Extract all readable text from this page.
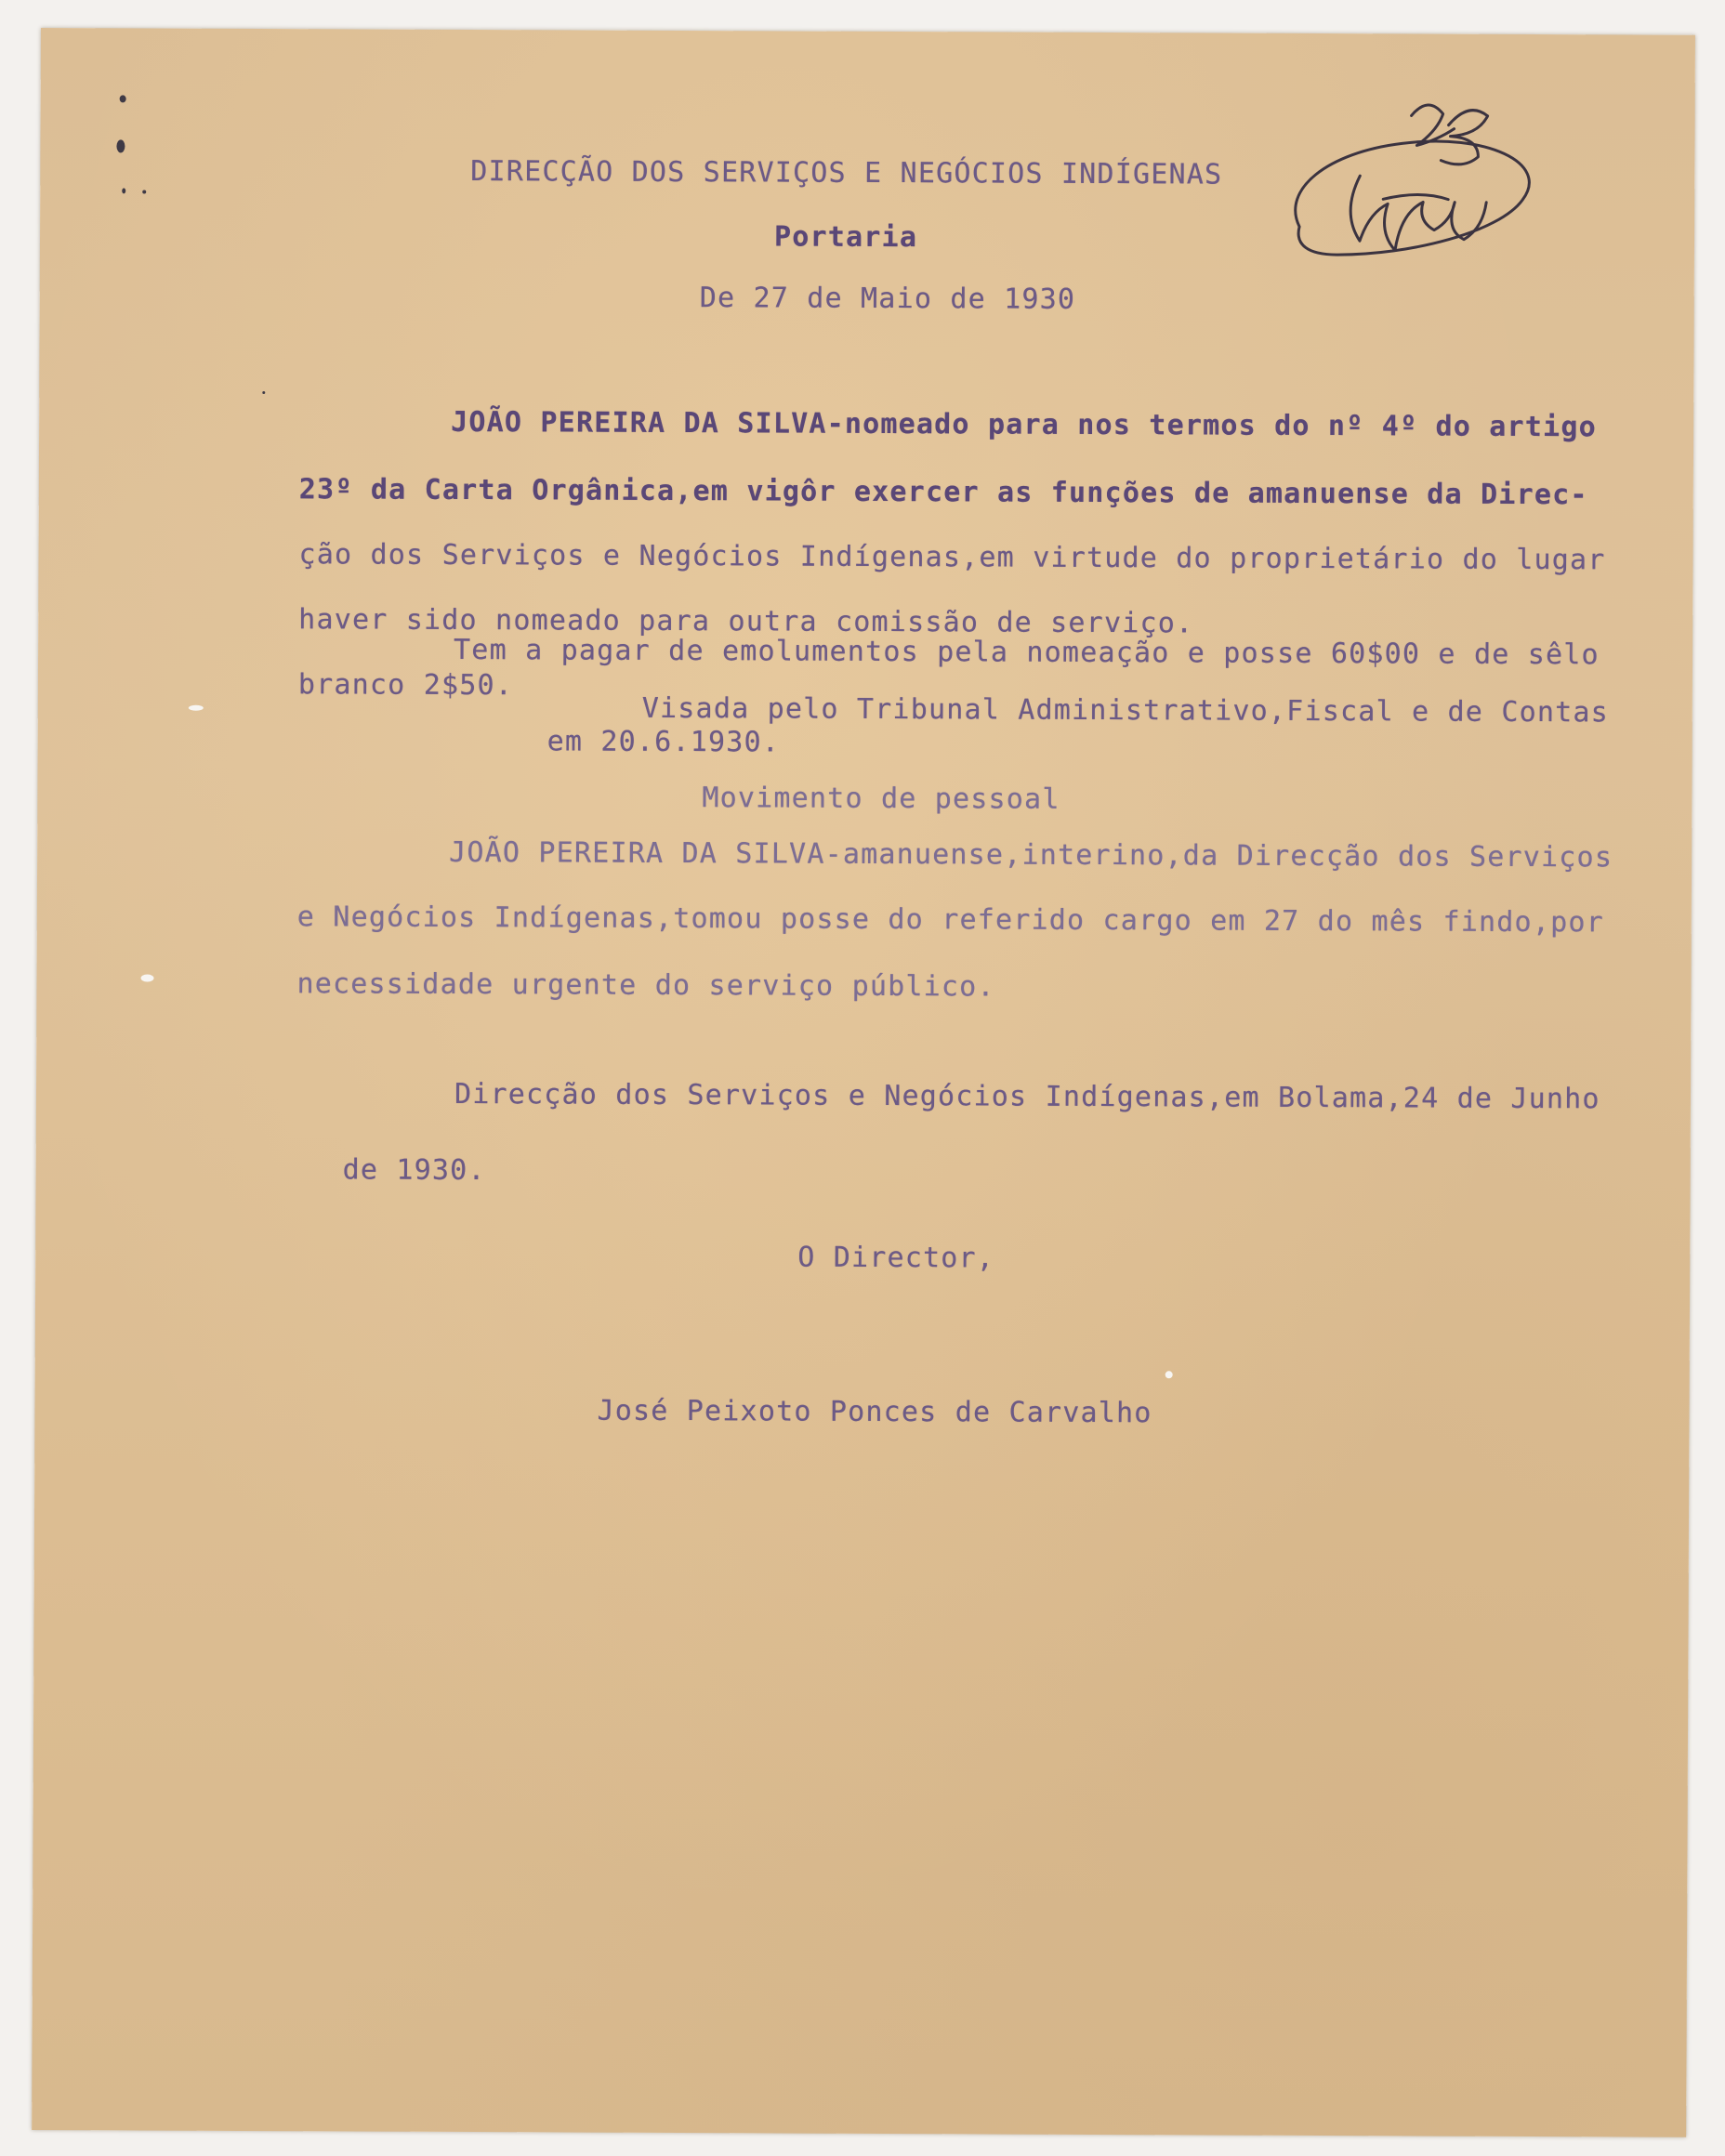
DIRECÇÃO DOS SERVIÇOS E NEGÓCIOS INDÍGENAS
Portaria
De 27 de Maio de 1930
JOÃO PEREIRA DA SILVA-nomeado para nos termos do nº 4º do artigo
23º da Carta Orgânica,em vigôr exercer as funções de amanuense da Direc-
ção dos Serviços e Negócios Indígenas,em virtude do proprietário do lugar
haver sido nomeado para outra comissão de serviço.
Tem a pagar de emolumentos pela nomeação e posse 60$00 e de sêlo
branco 2$50.
Visada pelo Tribunal Administrativo,Fiscal e de Contas
em 20.6.1930.
Movimento de pessoal
JOÃO PEREIRA DA SILVA-amanuense,interino,da Direcção dos Serviços
e Negócios Indígenas,tomou posse do referido cargo em 27 do mês findo,por
necessidade urgente do serviço público.
Direcção dos Serviços e Negócios Indígenas,em Bolama,24 de Junho
de 1930.
O Director,
José Peixoto Ponces de Carvalho
